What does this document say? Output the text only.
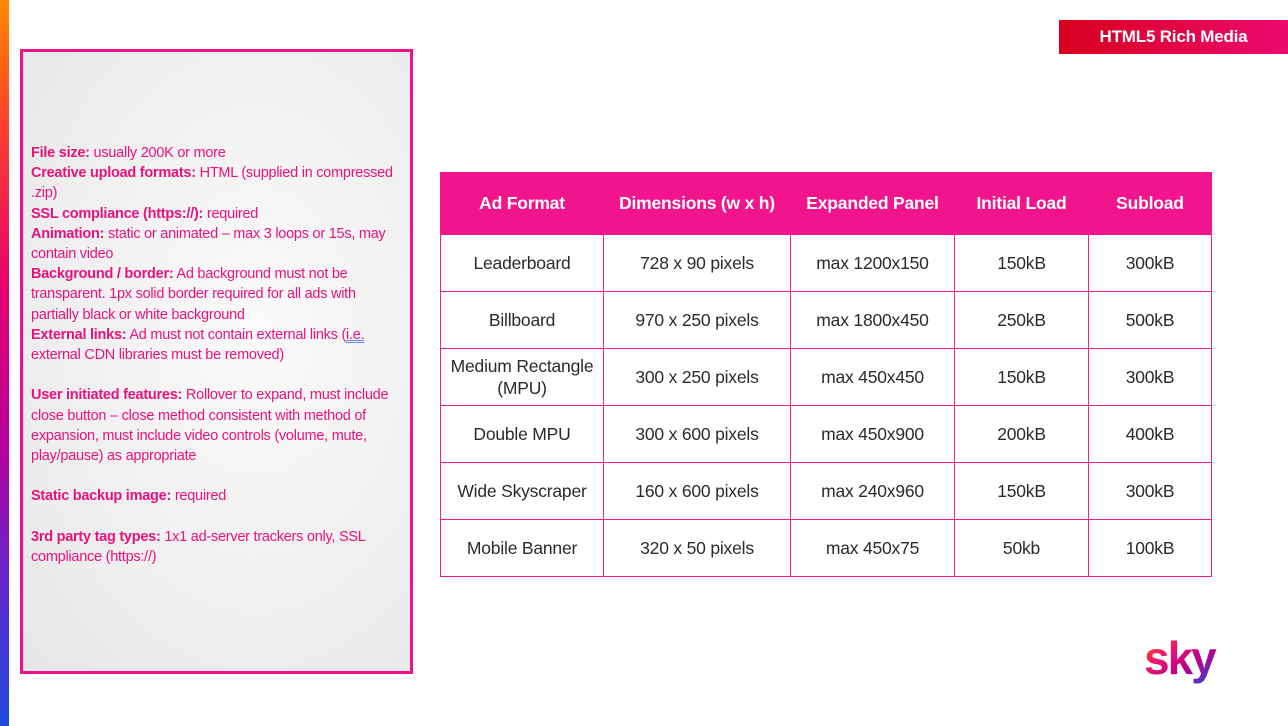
HTML5 Rich Media

File size: usually 200K or more

Creative upload formats: HTML (supplied in compressed .zip)

SSL compliance (https://): required

Animation: static or animated – max 3 loops or 15s, may contain video

Background / border: Ad background must not be transparent. 1px solid border required for all ads with partially black or white background

External links: Ad must not contain external links (i.e. external CDN libraries must be removed)

User initiated features: Rollover to expand, must include close button – close method consistent with method of expansion, must include video controls (volume, mute, play/pause) as appropriate

Static backup image: required

3rd party tag types: 1x1 ad-server trackers only, SSL compliance (https://)

Ad Format	Dimensions (w x h)	Expanded Panel	Initial Load	Subload
Leaderboard	728 x 90 pixels	max 1200x150	150kB	300kB
Billboard	970 x 250 pixels	max 1800x450	250kB	500kB
Medium Rectangle (MPU)	300 x 250 pixels	max 450x450	150kB	300kB
Double MPU	300 x 600 pixels	max 450x900	200kB	400kB
Wide Skyscraper	160 x 600 pixels	max 240x960	150kB	300kB
Mobile Banner	320 x 50 pixels	max 450x75	50kb	100kB
sky
